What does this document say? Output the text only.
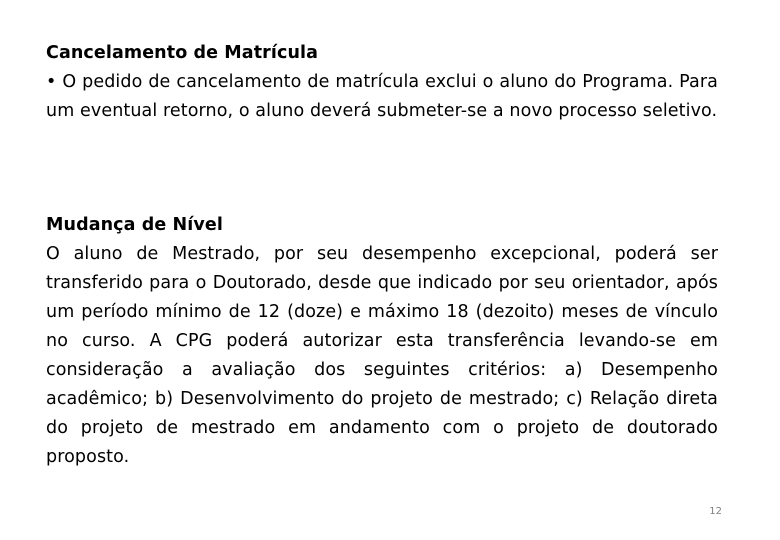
Cancelamento de Matrícula
• O pedido de cancelamento de matrícula exclui o aluno do Programa. Para um eventual retorno, o aluno deverá submeter-se a novo processo seletivo.
Mudança de Nível
O aluno de Mestrado, por seu desempenho excepcional, poderá ser transferido para o Doutorado, desde que indicado por seu orientador, após um período mínimo de 12 (doze) e máximo 18 (dezoito) meses de vínculo no curso. A CPG poderá autorizar esta transferência levando-se em consideração a avaliação dos seguintes critérios: a) Desempenho acadêmico; b) Desenvolvimento do projeto de mestrado; c) Relação direta do projeto de mestrado em andamento com o projeto de doutorado proposto.
12
